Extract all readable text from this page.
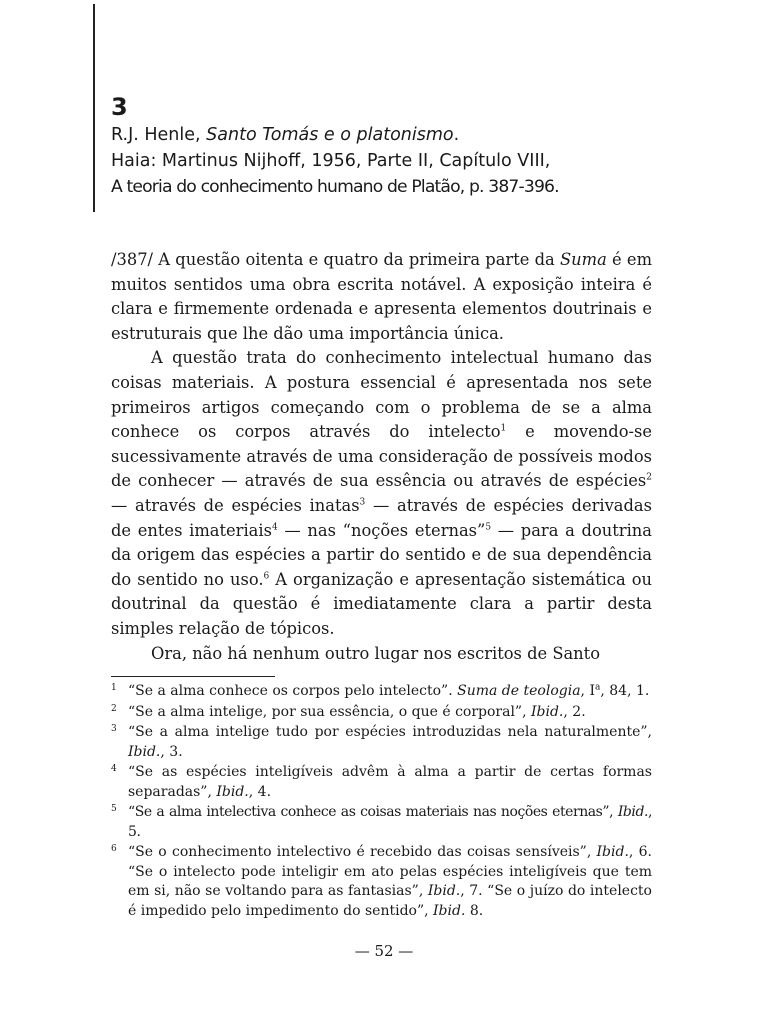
3

R.J. Henle, Santo Tomás e o platonismo.

Haia: Martinus Nijhoff, 1956, Parte II, Capítulo VIII,

A teoria do conhecimento humano de Platão, p. 387-396.

/387/ A questão oitenta e quatro da primeira parte da Suma é em muitos sentidos uma obra escrita notável. A exposição inteira é clara e firmemente ordenada e apresenta elementos doutrinais e estruturais que lhe dão uma importância única.

A questão trata do conhecimento intelectual humano das coisas materiais. A postura essencial é apresentada nos sete primeiros artigos começando com o problema de se a alma conhece os corpos através do intelecto$^1$ e movendo-se sucessivamente através de uma consideração de possíveis modos de conhecer — através de sua essência ou através de espécies$^2$ — através de espécies inatas$^3$ — através de espécies derivadas de entes imateriais$^4$ — nas “noções eternas”$^5$ — para a doutrina da origem das espécies a partir do sentido e de sua dependência do sentido no uso.$^6$ A organização e apresentação sistemática ou doutrinal da questão é imediatamente clara a partir desta simples relação de tópicos.

Ora, não há nenhum outro lugar nos escritos de Santo

1 “Se a alma conhece os corpos pelo intelecto”. Suma de teologia, $I^a$, 84, 1.

2 “Se a alma intelige, por sua essência, o que é corporal”, Ibid., 2.

3 “Se a alma intelige tudo por espécies introduzidas nela naturalmente”, Ibid., 3.

4 “Se as espécies inteligíveis advêm à alma a partir de certas formas separadas”, Ibid., 4.

5 “Se a alma intelectiva conhece as coisas materiais nas noções eternas”, Ibid., 5.

6 “Se o conhecimento intelectivo é recebido das coisas sensíveis”, Ibid., 6. “Se o intelecto pode inteligir em ato pelas espécies inteligíveis que tem em si, não se voltando para as fantasias”, Ibid., 7. “Se o juízo do intelecto é impedido pelo impedimento do sentido”, Ibid. 8.

— 52 —
